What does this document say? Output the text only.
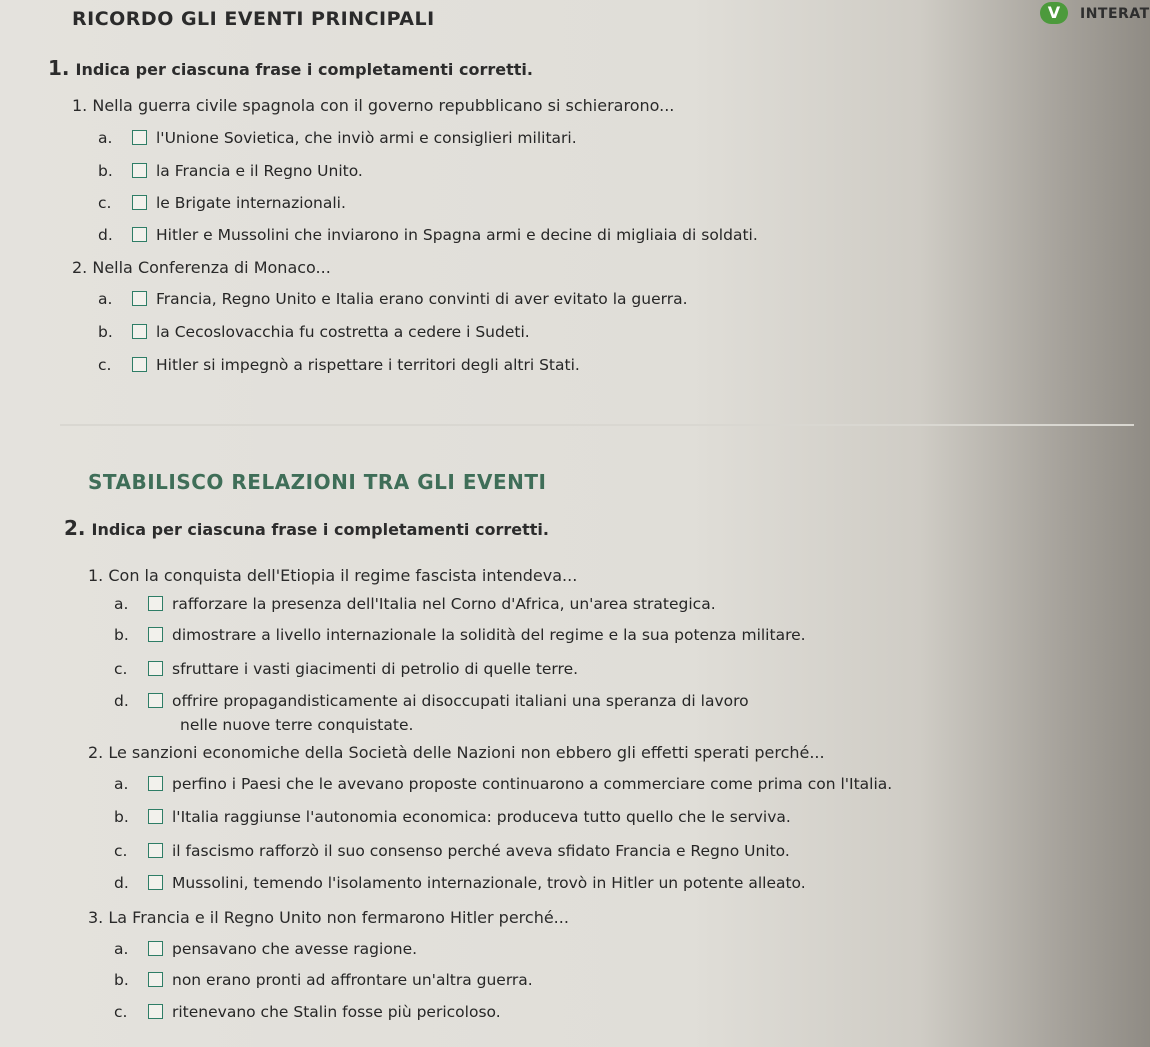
RICORDO GLI EVENTI PRINCIPALI	V	INTERAT
1. Indica per ciascuna frase i completamenti corretti.
1. Nella guerra civile spagnola con il governo repubblicano si schierarono...
a.	l'Unione Sovietica, che inviò armi e consiglieri militari.
b.	la Francia e il Regno Unito.
c.	le Brigate internazionali.
d.	Hitler e Mussolini che inviarono in Spagna armi e decine di migliaia di soldati.
2. Nella Conferenza di Monaco...
a.	Francia, Regno Unito e Italia erano convinti di aver evitato la guerra.
b.	la Cecoslovacchia fu costretta a cedere i Sudeti.
c.	Hitler si impegnò a rispettare i territori degli altri Stati.
STABILISCO RELAZIONI TRA GLI EVENTI
2. Indica per ciascuna frase i completamenti corretti.
1. Con la conquista dell'Etiopia il regime fascista intendeva...
a.	rafforzare la presenza dell'Italia nel Corno d'Africa, un'area strategica.
b.	dimostrare a livello internazionale la solidità del regime e la sua potenza militare.
c.	sfruttare i vasti giacimenti di petrolio di quelle terre.
d.	offrire propagandisticamente ai disoccupati italiani una speranza di lavoro
nelle nuove terre conquistate.
2. Le sanzioni economiche della Società delle Nazioni non ebbero gli effetti sperati perché...
a.	perfino i Paesi che le avevano proposte continuarono a commerciare come prima con l'Italia.
b.	l'Italia raggiunse l'autonomia economica: produceva tutto quello che le serviva.
c.	il fascismo rafforzò il suo consenso perché aveva sfidato Francia e Regno Unito.
d.	Mussolini, temendo l'isolamento internazionale, trovò in Hitler un potente alleato.
3. La Francia e il Regno Unito non fermarono Hitler perché...
a.	pensavano che avesse ragione.
b.	non erano pronti ad affrontare un'altra guerra.
c.	ritenevano che Stalin fosse più pericoloso.
